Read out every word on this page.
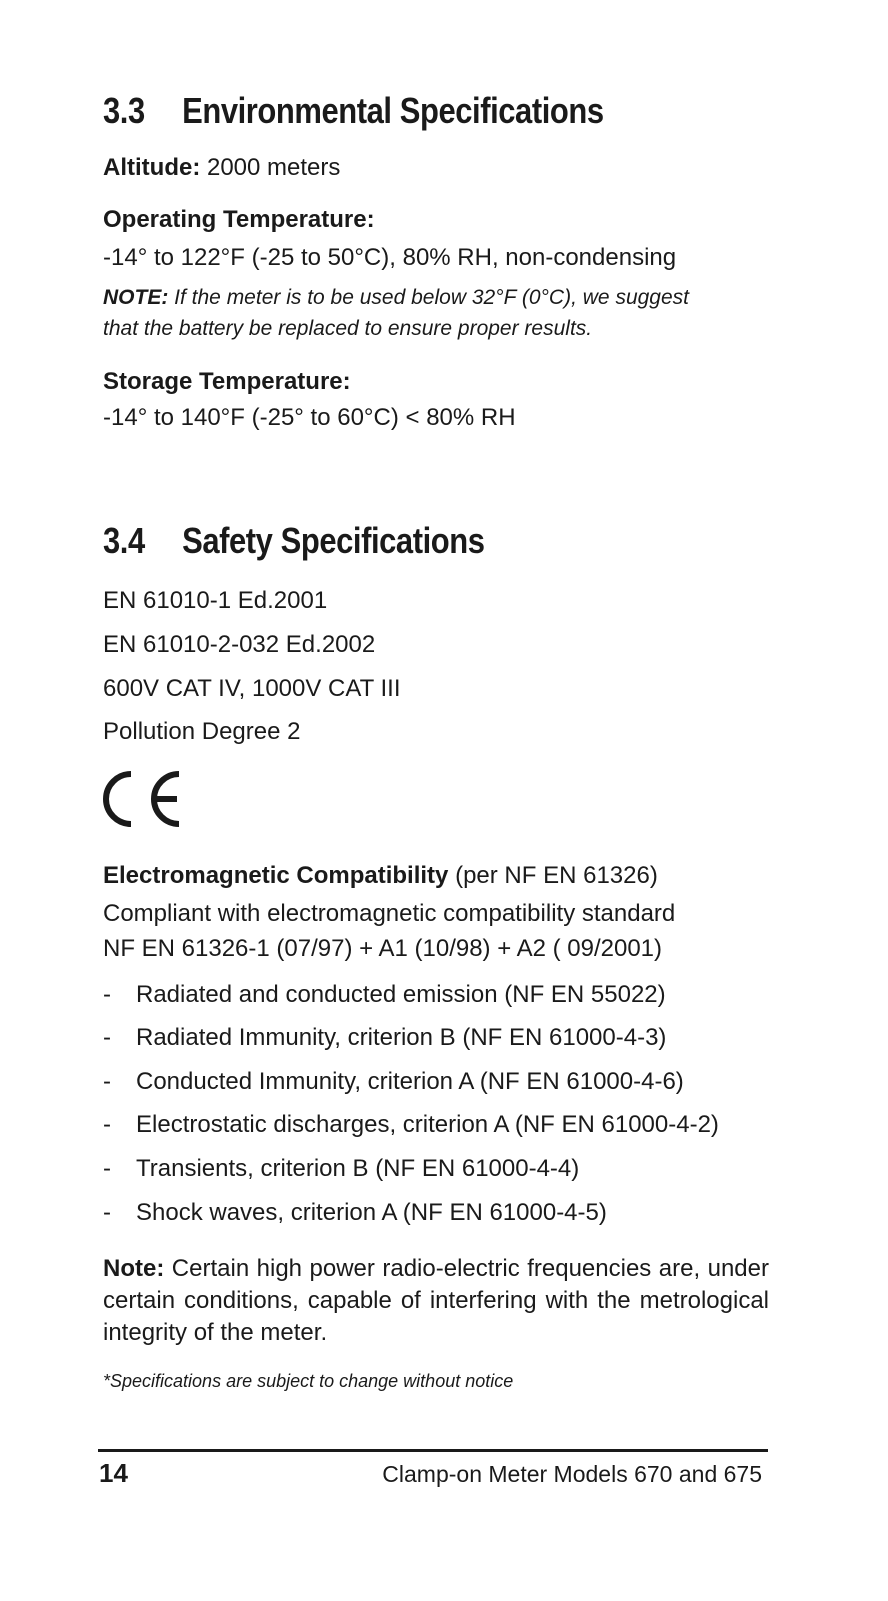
3.3 Environmental Specifications

Altitude: 2000 meters

Operating Temperature:

-14° to 122°F (-25 to 50°C), 80% RH, non-condensing

NOTE: If the meter is to be used below 32°F (0°C), we suggest

that the battery be replaced to ensure proper results.

Storage Temperature:

-14° to 140°F (-25° to 60°C) < 80% RH

3.4 Safety Specifications

EN 61010-1 Ed.2001

EN 61010-2-032 Ed.2002

600V CAT IV, 1000V CAT III

Pollution Degree 2

Electromagnetic Compatibility (per NF EN 61326)

Compliant with electromagnetic compatibility standard

NF EN 61326-1 (07/97) + A1 (10/98) + A2 ( 09/2001)

- Radiated and conducted emission (NF EN 55022)
- Radiated Immunity, criterion B (NF EN 61000-4-3)
- Conducted Immunity, criterion A (NF EN 61000-4-6)
- Electrostatic discharges, criterion A (NF EN 61000-4-2)
- Transients, criterion B (NF EN 61000-4-4)
- Shock waves, criterion A (NF EN 61000-4-5)

Note: Certain high power radio-electric frequencies are, under certain conditions, capable of interfering with the metrological integrity of the meter.

*Specifications are subject to change without notice

14	Clamp-on Meter Models 670 and 675
